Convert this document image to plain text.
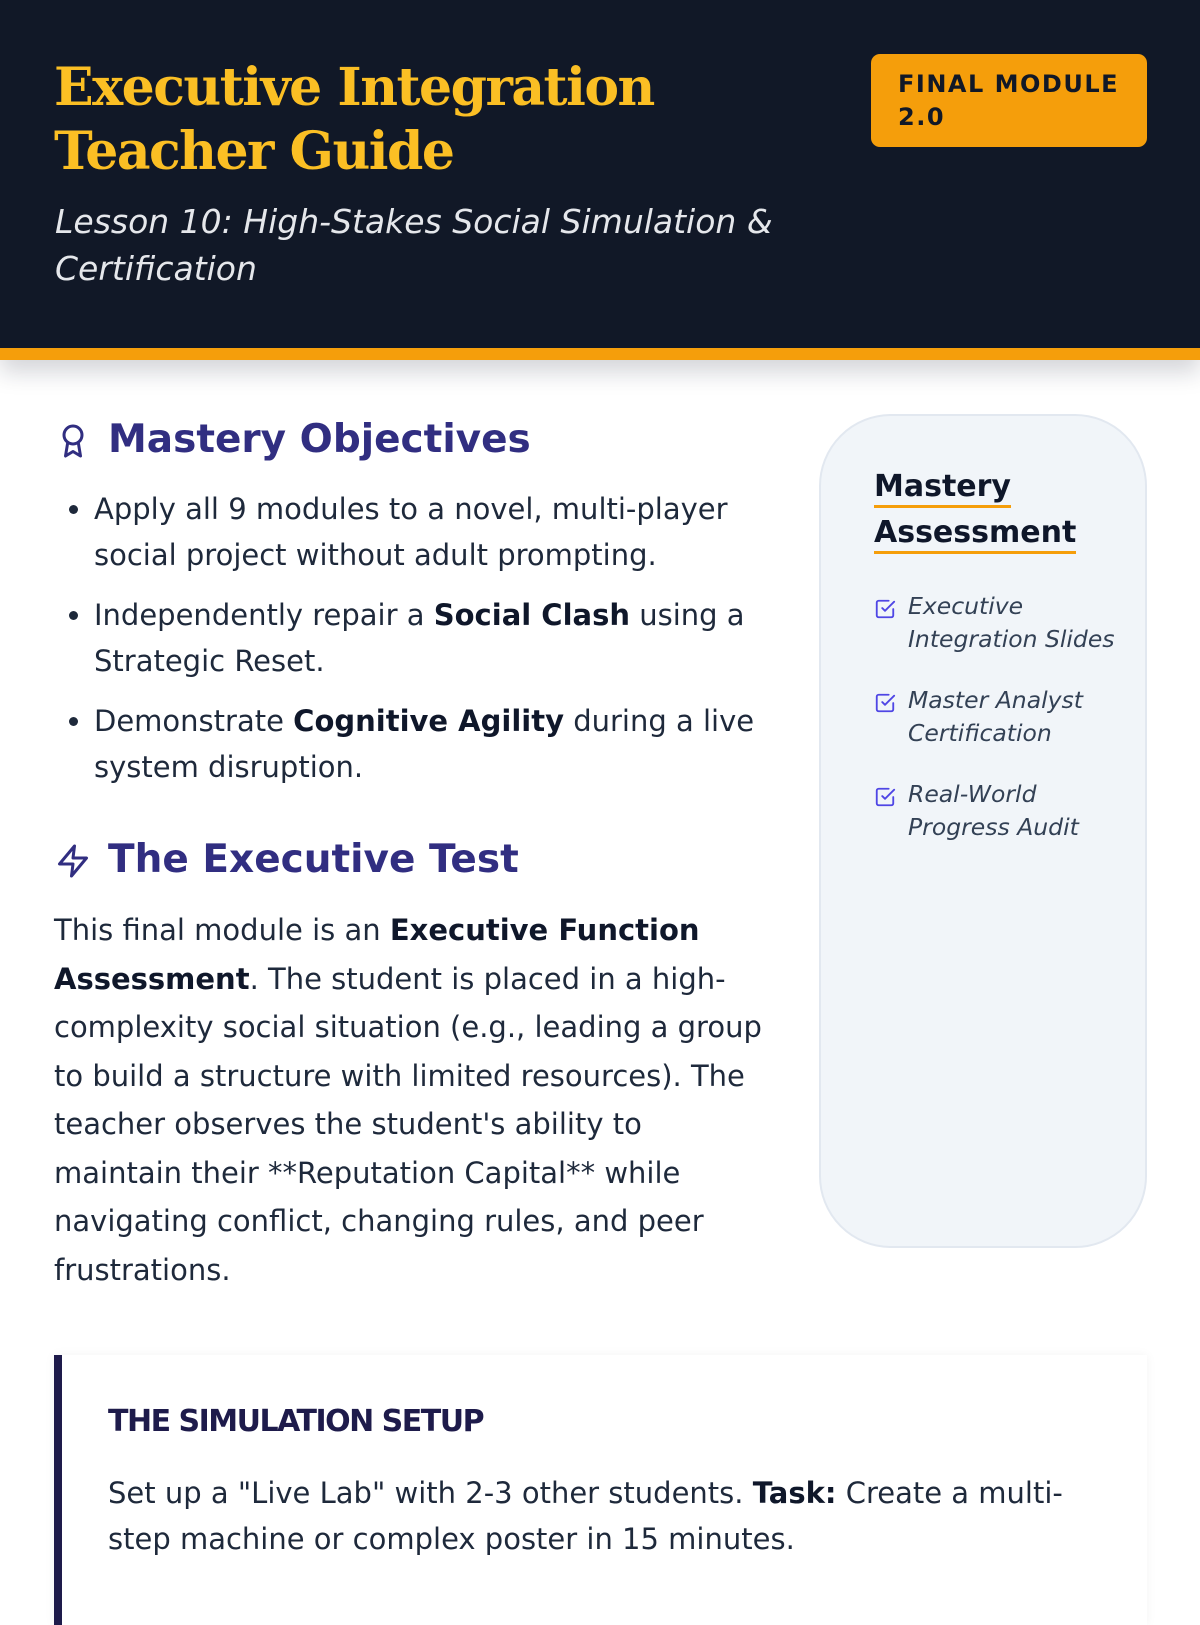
Executive Integration Teacher Guide

Lesson 10: High-Stakes Social Simulation & Certification

FINAL MODULE 2.0
Mastery Objectives
• Apply all 9 modules to a novel, multi-player social project without adult prompting.
• Independently repair a Social Clash using a Strategic Reset.
• Demonstrate Cognitive Agility during a live system disruption.
The Executive Test

This final module is an Executive Function Assessment. The student is placed in a high-complexity social situation (e.g., leading a group to build a structure with limited resources). The teacher observes the student's ability to maintain their **Reputation Capital** while navigating conflict, changing rules, and peer frustrations.

Mastery Assessment
Executive Integration Slides
Master Analyst Certification
Real-World Progress Audit
THE SIMULATION SETUP

Set up a "Live Lab" with 2-3 other students. Task: Create a multi-step machine or complex poster in 15 minutes.
